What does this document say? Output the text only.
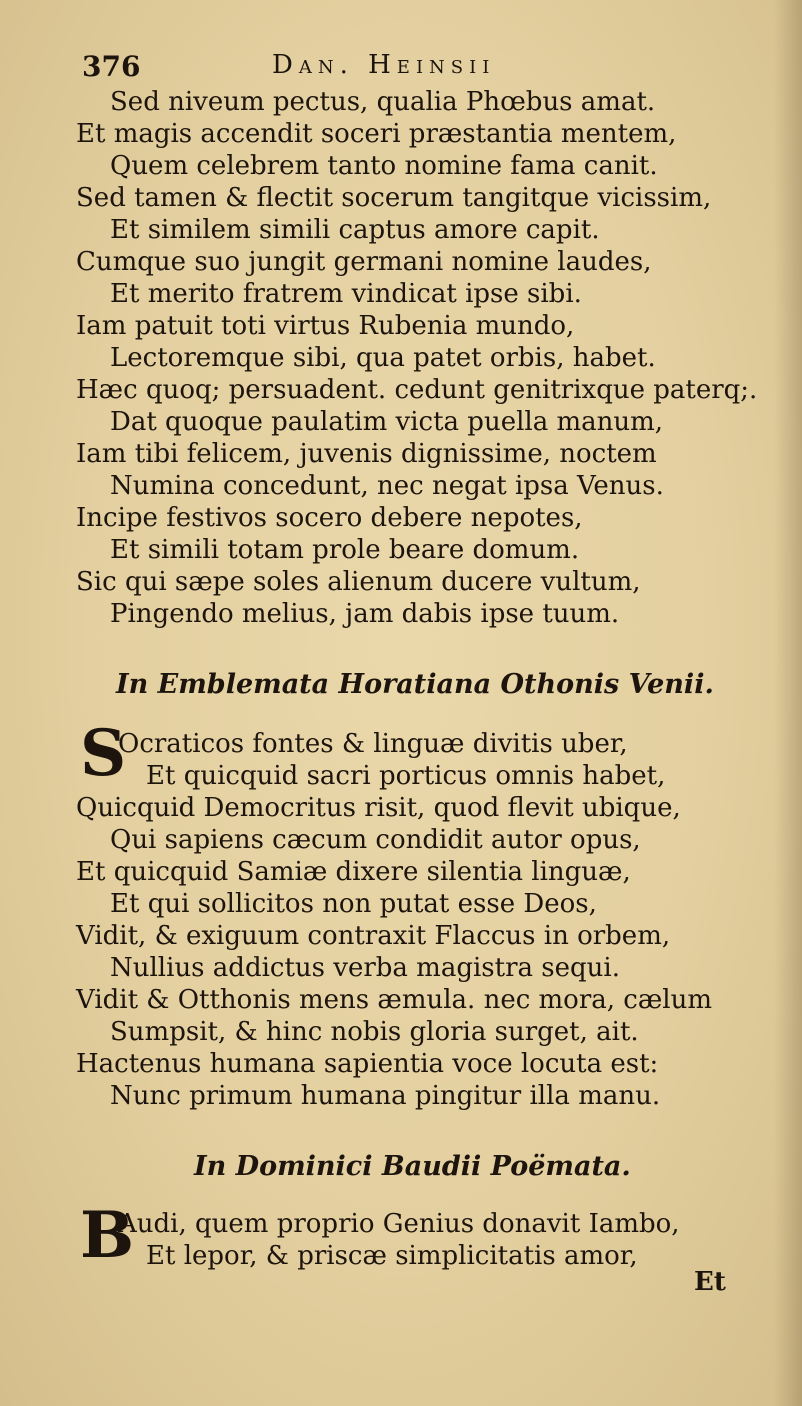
376	Dan. Heinsii
Sed niveum pectus, qualia Phœbus amat.
Et magis accendit soceri præstantia mentem,
Quem celebrem tanto nomine fama canit.
Sed tamen & flectit socerum tangitque vicissim,
Et similem simili captus amore capit.
Cumque suo jungit germani nomine laudes,
Et merito fratrem vindicat ipse sibi.
Iam patuit toti virtus Rubenia mundo,
Lectoremque sibi, qua patet orbis, habet.
Hæc quoq; persuadent. cedunt genitrixque paterq;.
Dat quoque paulatim victa puella manum,
Iam tibi felicem, juvenis dignissime, noctem
Numina concedunt, nec negat ipsa Venus.
Incipe festivos socero debere nepotes,
Et simili totam prole beare domum.
Sic qui sæpe soles alienum ducere vultum,
Pingendo melius, jam dabis ipse tuum.
In Emblemata Horatiana Othonis Venii.
S
Ocraticos fontes & linguæ divitis uber,
Et quicquid sacri porticus omnis habet,
Quicquid Democritus risit, quod flevit ubique,
Qui sapiens cæcum condidit autor opus,
Et quicquid Samiæ dixere silentia linguæ,
Et qui sollicitos non putat esse Deos,
Vidit, & exiguum contraxit Flaccus in orbem,
Nullius addictus verba magistra sequi.
Vidit & Otthonis mens æmula. nec mora, cælum
Sumpsit, & hinc nobis gloria surget, ait.
Hactenus humana sapientia voce locuta est:
Nunc primum humana pingitur illa manu.
In Dominici Baudii Poëmata.
B
Audi, quem proprio Genius donavit Iambo,
Et lepor, & priscæ simplicitatis amor,
Et
